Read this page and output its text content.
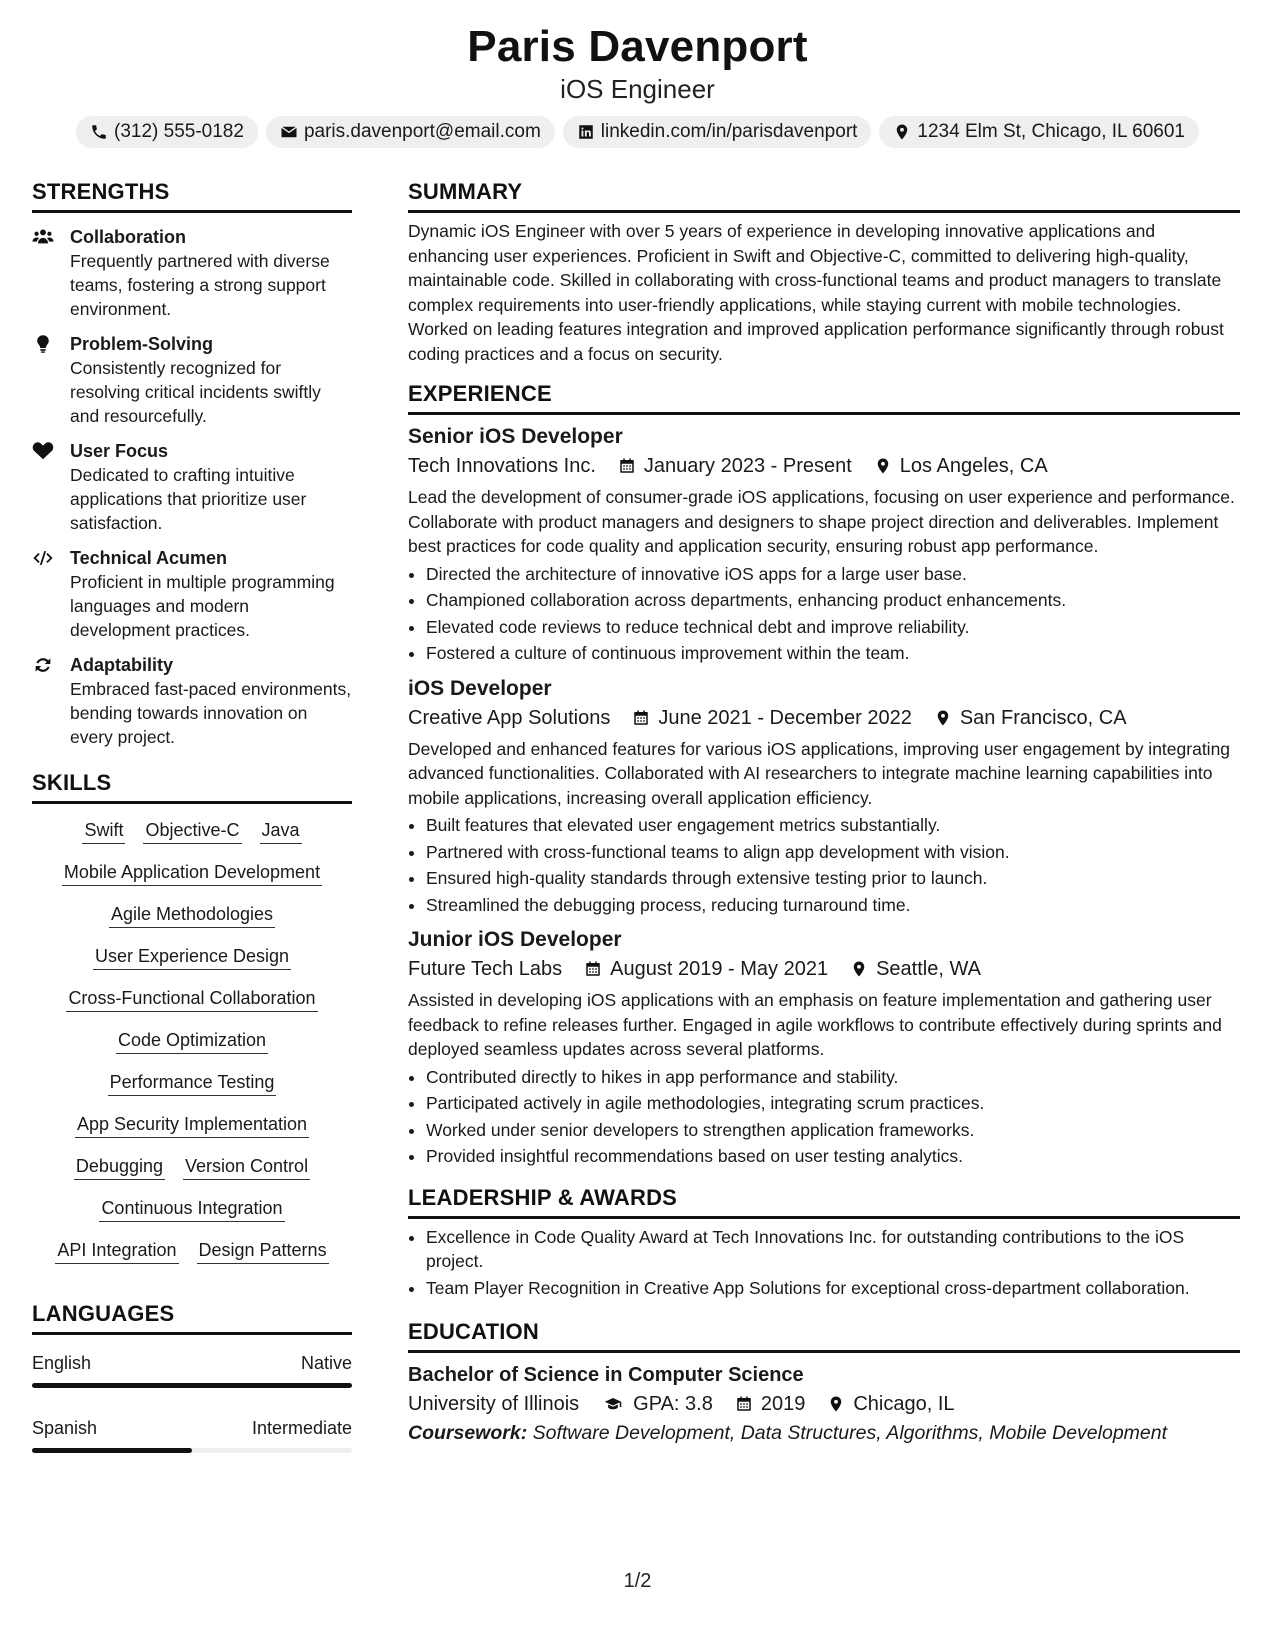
Paris Davenport
iOS Engineer
(312) 555-0182	paris.davenport@email.com	linkedin.com/in/parisdavenport	1234 Elm St, Chicago, IL 60601
STRENGTHS
Collaboration
Frequently partnered with diverse teams, fostering a strong support environment.
Problem-Solving
Consistently recognized for resolving critical incidents swiftly and resourcefully.
User Focus
Dedicated to crafting intuitive applications that prioritize user satisfaction.
Technical Acumen
Proficient in multiple programming languages and modern development practices.
Adaptability
Embraced fast-paced environments, bending towards innovation on every project.
SKILLS
Swift Objective-C Java
Mobile Application Development
Agile Methodologies
User Experience Design
Cross-Functional Collaboration
Code Optimization
Performance Testing
App Security Implementation
Debugging Version Control
Continuous Integration
API Integration Design Patterns
LANGUAGES
English	Native
Spanish	Intermediate
SUMMARY
Dynamic iOS Engineer with over 5 years of experience in developing innovative applications and enhancing user experiences. Proficient in Swift and Objective-C, committed to delivering high-quality, maintainable code. Skilled in collaborating with cross-functional teams and product managers to translate complex requirements into user-friendly applications, while staying current with mobile technologies. Worked on leading features integration and improved application performance significantly through robust coding practices and a focus on security.
EXPERIENCE
Senior iOS Developer
Tech Innovations Inc. January 2023 - Present Los Angeles, CA
Lead the development of consumer-grade iOS applications, focusing on user experience and performance. Collaborate with product managers and designers to shape project direction and deliverables. Implement best practices for code quality and application security, ensuring robust app performance.
• Directed the architecture of innovative iOS apps for a large user base.
• Championed collaboration across departments, enhancing product enhancements.
• Elevated code reviews to reduce technical debt and improve reliability.
• Fostered a culture of continuous improvement within the team.
iOS Developer
Creative App Solutions June 2021 - December 2022 San Francisco, CA
Developed and enhanced features for various iOS applications, improving user engagement by integrating advanced functionalities. Collaborated with AI researchers to integrate machine learning capabilities into mobile applications, increasing overall application efficiency.
• Built features that elevated user engagement metrics substantially.
• Partnered with cross-functional teams to align app development with vision.
• Ensured high-quality standards through extensive testing prior to launch.
• Streamlined the debugging process, reducing turnaround time.
Junior iOS Developer
Future Tech Labs August 2019 - May 2021 Seattle, WA
Assisted in developing iOS applications with an emphasis on feature implementation and gathering user feedback to refine releases further. Engaged in agile workflows to contribute effectively during sprints and deployed seamless updates across several platforms.
• Contributed directly to hikes in app performance and stability.
• Participated actively in agile methodologies, integrating scrum practices.
• Worked under senior developers to strengthen application frameworks.
• Provided insightful recommendations based on user testing analytics.
LEADERSHIP & AWARDS
• Excellence in Code Quality Award at Tech Innovations Inc. for outstanding contributions to the iOS project.
• Team Player Recognition in Creative App Solutions for exceptional cross-department collaboration.
EDUCATION
Bachelor of Science in Computer Science
University of Illinois	GPA: 3.8 2019 Chicago, IL
Coursework: Software Development, Data Structures, Algorithms, Mobile Development
1/2
